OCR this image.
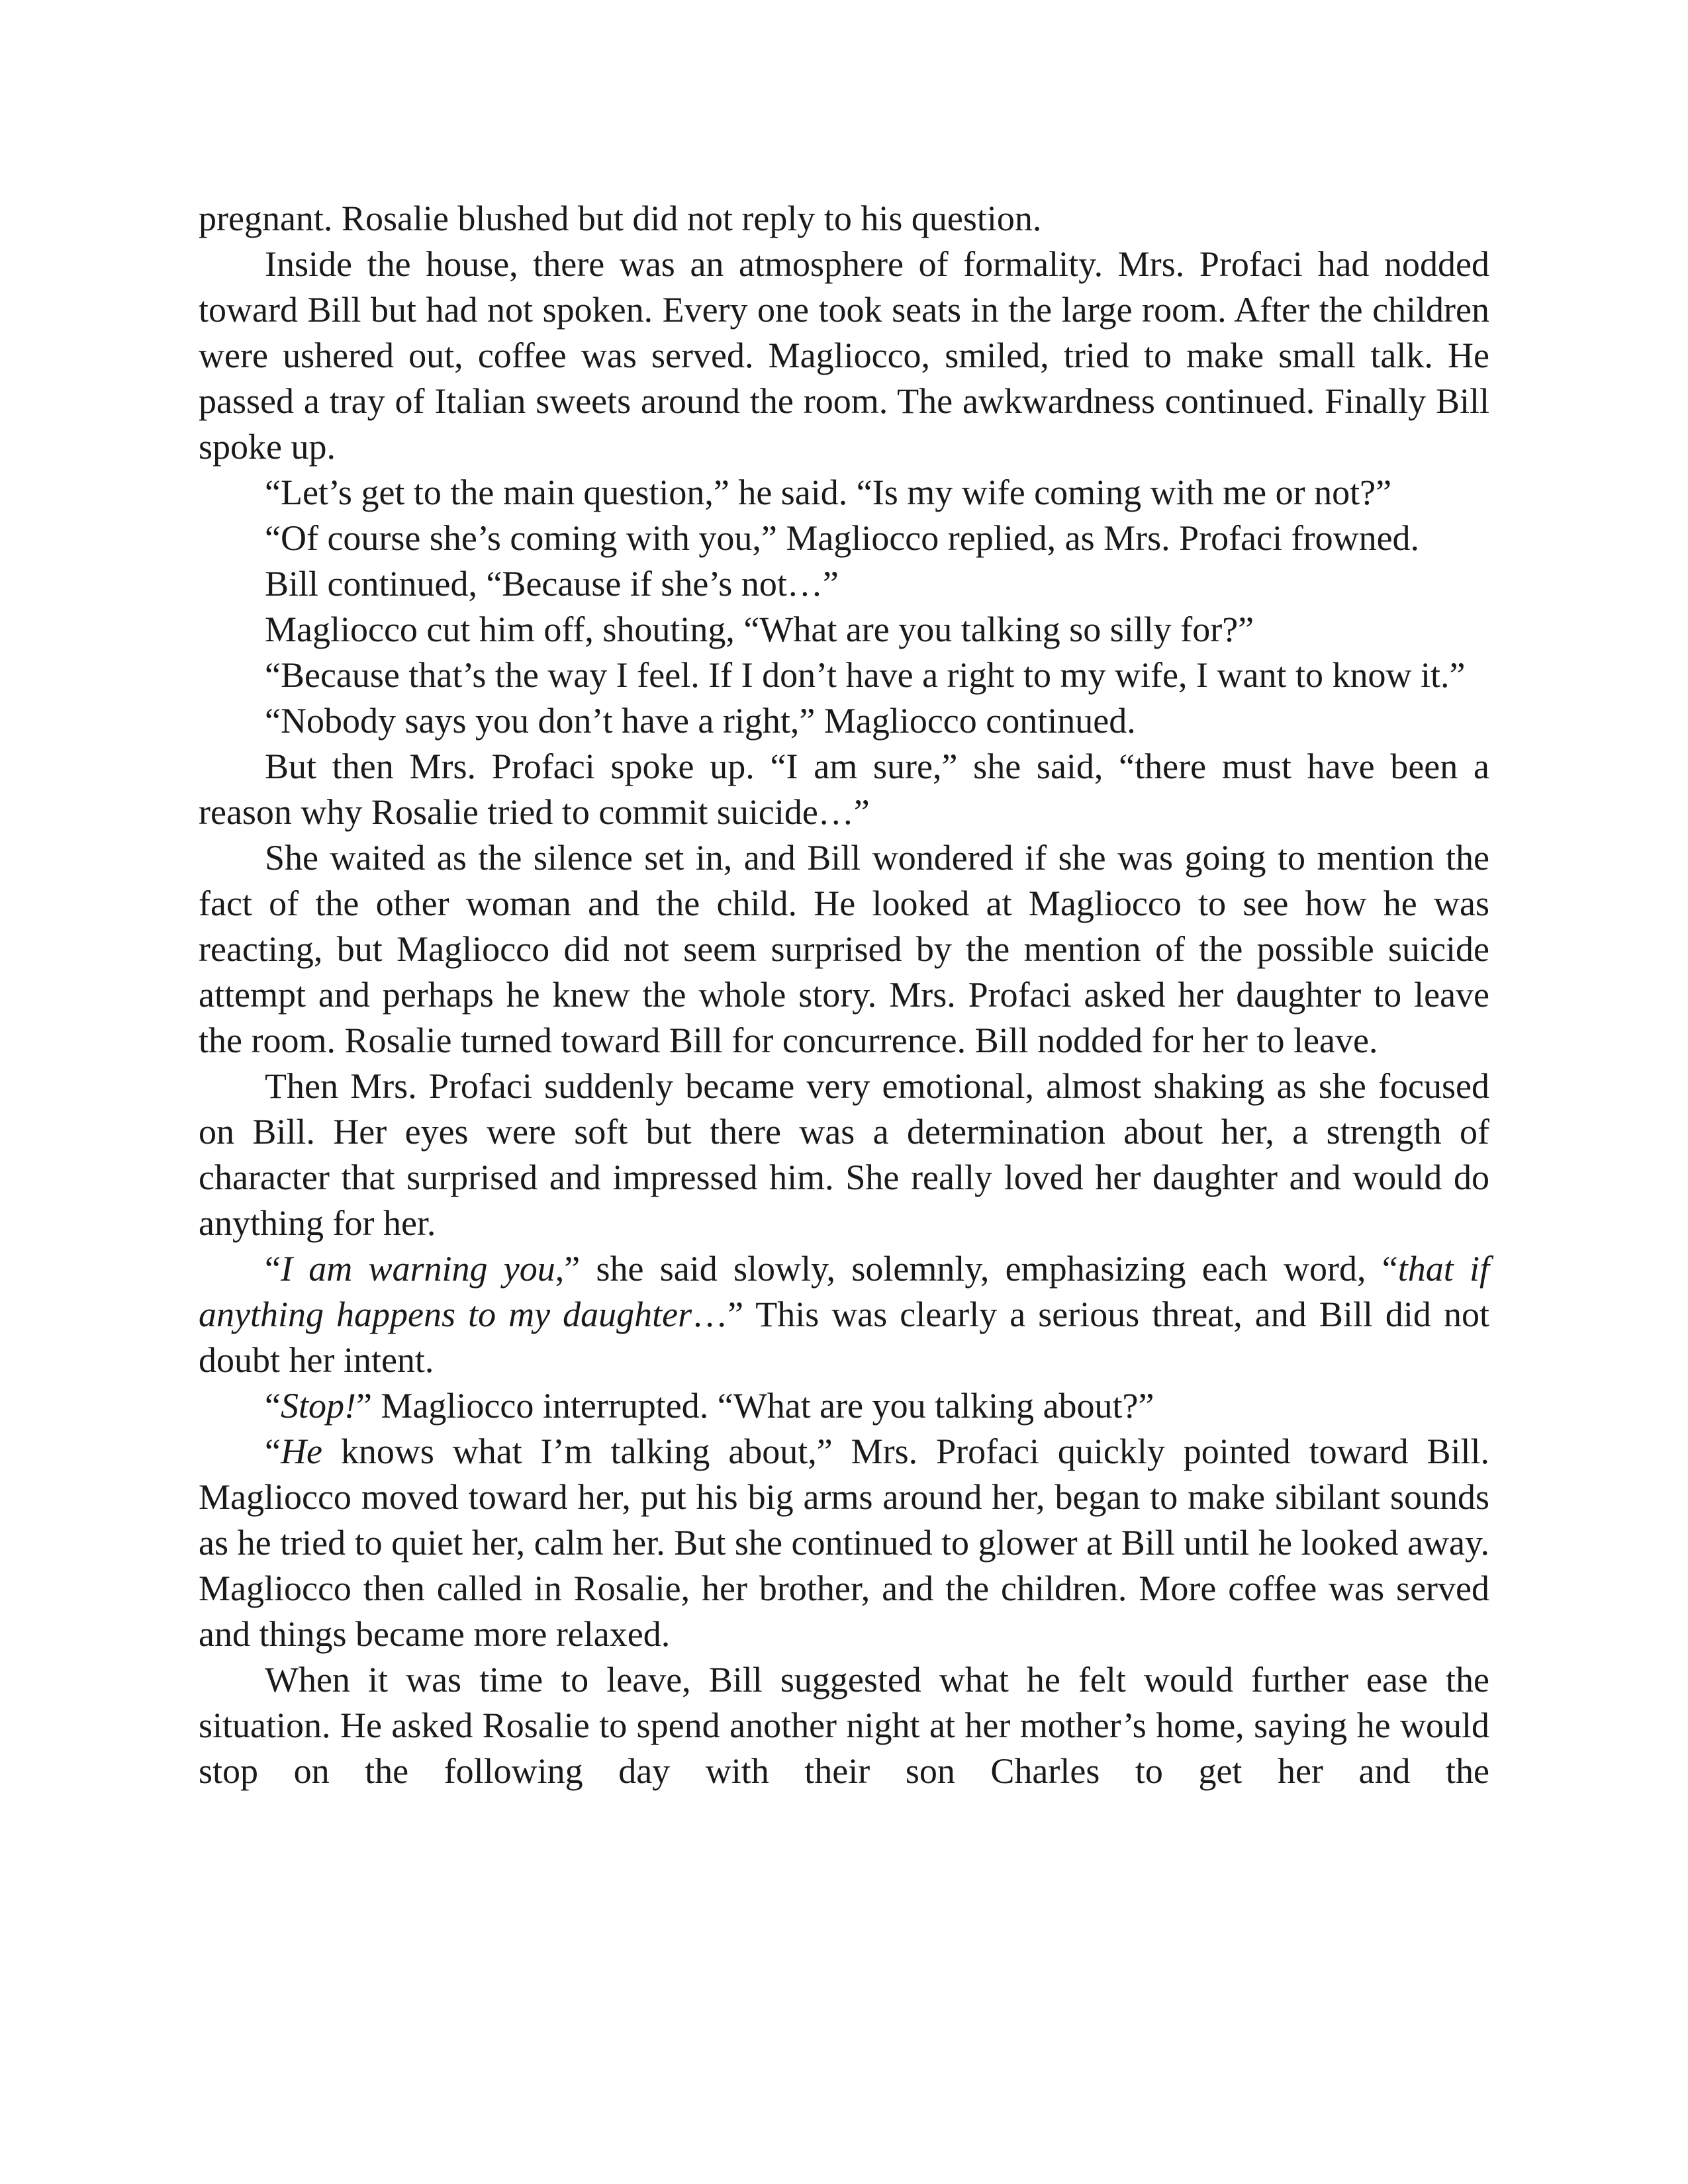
pregnant. Rosalie blushed but did not reply to his question.

Inside the house, there was an atmosphere of formality. Mrs. Profaci had nodded toward Bill but had not spoken. Every one took seats in the large room. After the children were ushered out, coffee was served. Magliocco, smiled, tried to make small talk. He passed a tray of Italian sweets around the room. The awkwardness continued. Finally Bill spoke up.

“Let’s get to the main question,” he said. “Is my wife coming with me or not?”

“Of course she’s coming with you,” Magliocco replied, as Mrs. Profaci frowned.

Bill continued, “Because if she’s not…”

Magliocco cut him off, shouting, “What are you talking so silly for?”

“Because that’s the way I feel. If I don’t have a right to my wife, I want to know it.”

“Nobody says you don’t have a right,” Magliocco continued.

But then Mrs. Profaci spoke up. “I am sure,” she said, “there must have been a reason why Rosalie tried to commit suicide…”

She waited as the silence set in, and Bill wondered if she was going to mention the fact of the other woman and the child. He looked at Magliocco to see how he was reacting, but Magliocco did not seem surprised by the mention of the possible suicide attempt and perhaps he knew the whole story. Mrs. Profaci asked her daughter to leave the room. Rosalie turned toward Bill for concurrence. Bill nodded for her to leave.

Then Mrs. Profaci suddenly became very emotional, almost shaking as she focused on Bill. Her eyes were soft but there was a determination about her, a strength of character that surprised and impressed him. She really loved her daughter and would do anything for her.

“I am warning you,” she said slowly, solemnly, emphasizing each word, “that if anything happens to my daughter…” This was clearly a serious threat, and Bill did not doubt her intent.

“Stop!” Magliocco interrupted. “What are you talking about?”

“He knows what I’m talking about,” Mrs. Profaci quickly pointed toward Bill. Magliocco moved toward her, put his big arms around her, began to make sibilant sounds as he tried to quiet her, calm her. But she continued to glower at Bill until he looked away. Magliocco then called in Rosalie, her brother, and the children. More coffee was served and things became more relaxed.

When it was time to leave, Bill suggested what he felt would further ease the situation. He asked Rosalie to spend another night at her mother’s home, saying he would stop on the following day with their son Charles to get her and the
